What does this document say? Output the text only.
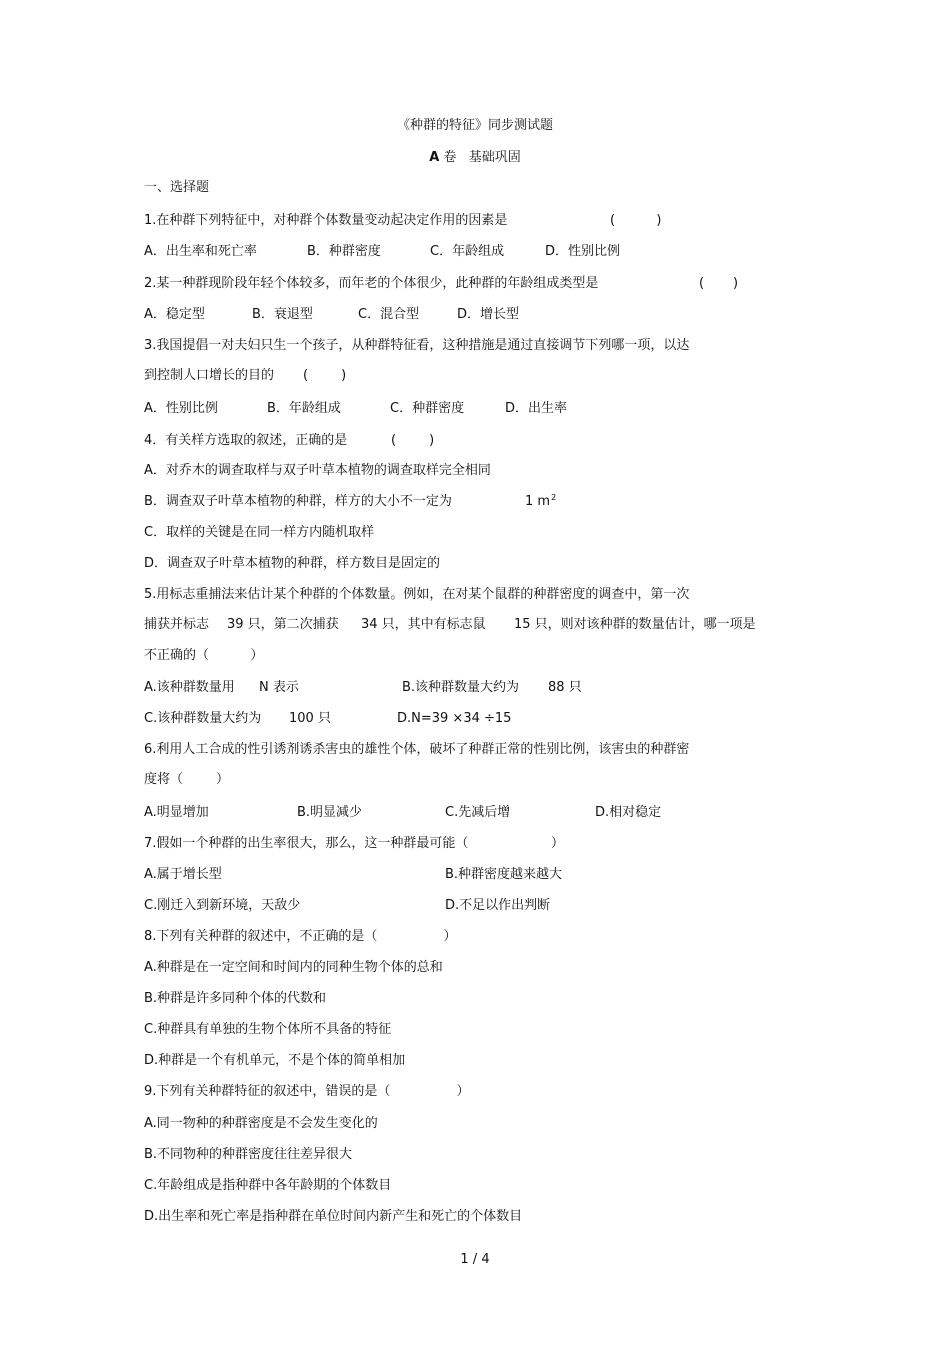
《种群的特征》同步测试题
A 卷   基础巩固
一、选择题
1.在种群下列特征中，对种群个体数量变动起决定作用的因素是	(          )
A．出生率和死亡率	B．种群密度	C．年龄组成	D．性别比例
2.某一种群现阶段年轻个体较多，而年老的个体很少，此种群的年龄组成类型是	(       )
A．稳定型	B．衰退型	C．混合型	D．增长型
3.我国提倡一对夫妇只生一个孩子，从种群特征看，这种措施是通过直接调节下列哪一项，以达
到控制人口增长的目的 (        )
A．性别比例	B．年龄组成	C．种群密度	D．出生率
4．有关样方选取的叙述，正确的是	(        )
A．对乔木的调查取样与双子叶草本植物的调查取样完全相同
B．调查双子叶草本植物的种群，样方的大小不一定为	1 $m^2$
C．取样的关键是在同一样方内随机取样
D．调查双子叶草本植物的种群，样方数目是固定的
5.用标志重捕法来估计某个种群的个体数量。例如，在对某个鼠群的种群密度的调查中，第一次
捕获并标志 39 只，第二次捕获 34 只，其中有标志鼠 15 只，则对该种群的数量估计，哪一项是
不正确的（          ）
A.该种群数量用 N 表示	B.该种群数量大约为 88 只
C.该种群数量大约为 100 只	D.N=39 ×34 ÷15
6.利用人工合成的性引诱剂诱杀害虫的雄性个体，破坏了种群正常的性别比例，该害虫的种群密
度将（        ）
A.明显增加	B.明显减少	C.先减后增	D.相对稳定
7.假如一个种群的出生率很大，那么，这一种群最可能（                    ）
A.属于增长型	B.种群密度越来越大
C.刚迁入到新环境，天敌少	D.不足以作出判断
8.下列有关种群的叙述中，不正确的是（                ）
A.种群是在一定空间和时间内的同种生物个体的总和
B.种群是许多同种个体的代数和
C.种群具有单独的生物个体所不具备的特征
D.种群是一个有机单元，不是个体的简单相加
9.下列有关种群特征的叙述中，错误的是（                ）
A.同一物种的种群密度是不会发生变化的
B.不同物种的种群密度往往差异很大
C.年龄组成是指种群中各年龄期的个体数目
D.出生率和死亡率是指种群在单位时间内新产生和死亡的个体数目
1 / 4
